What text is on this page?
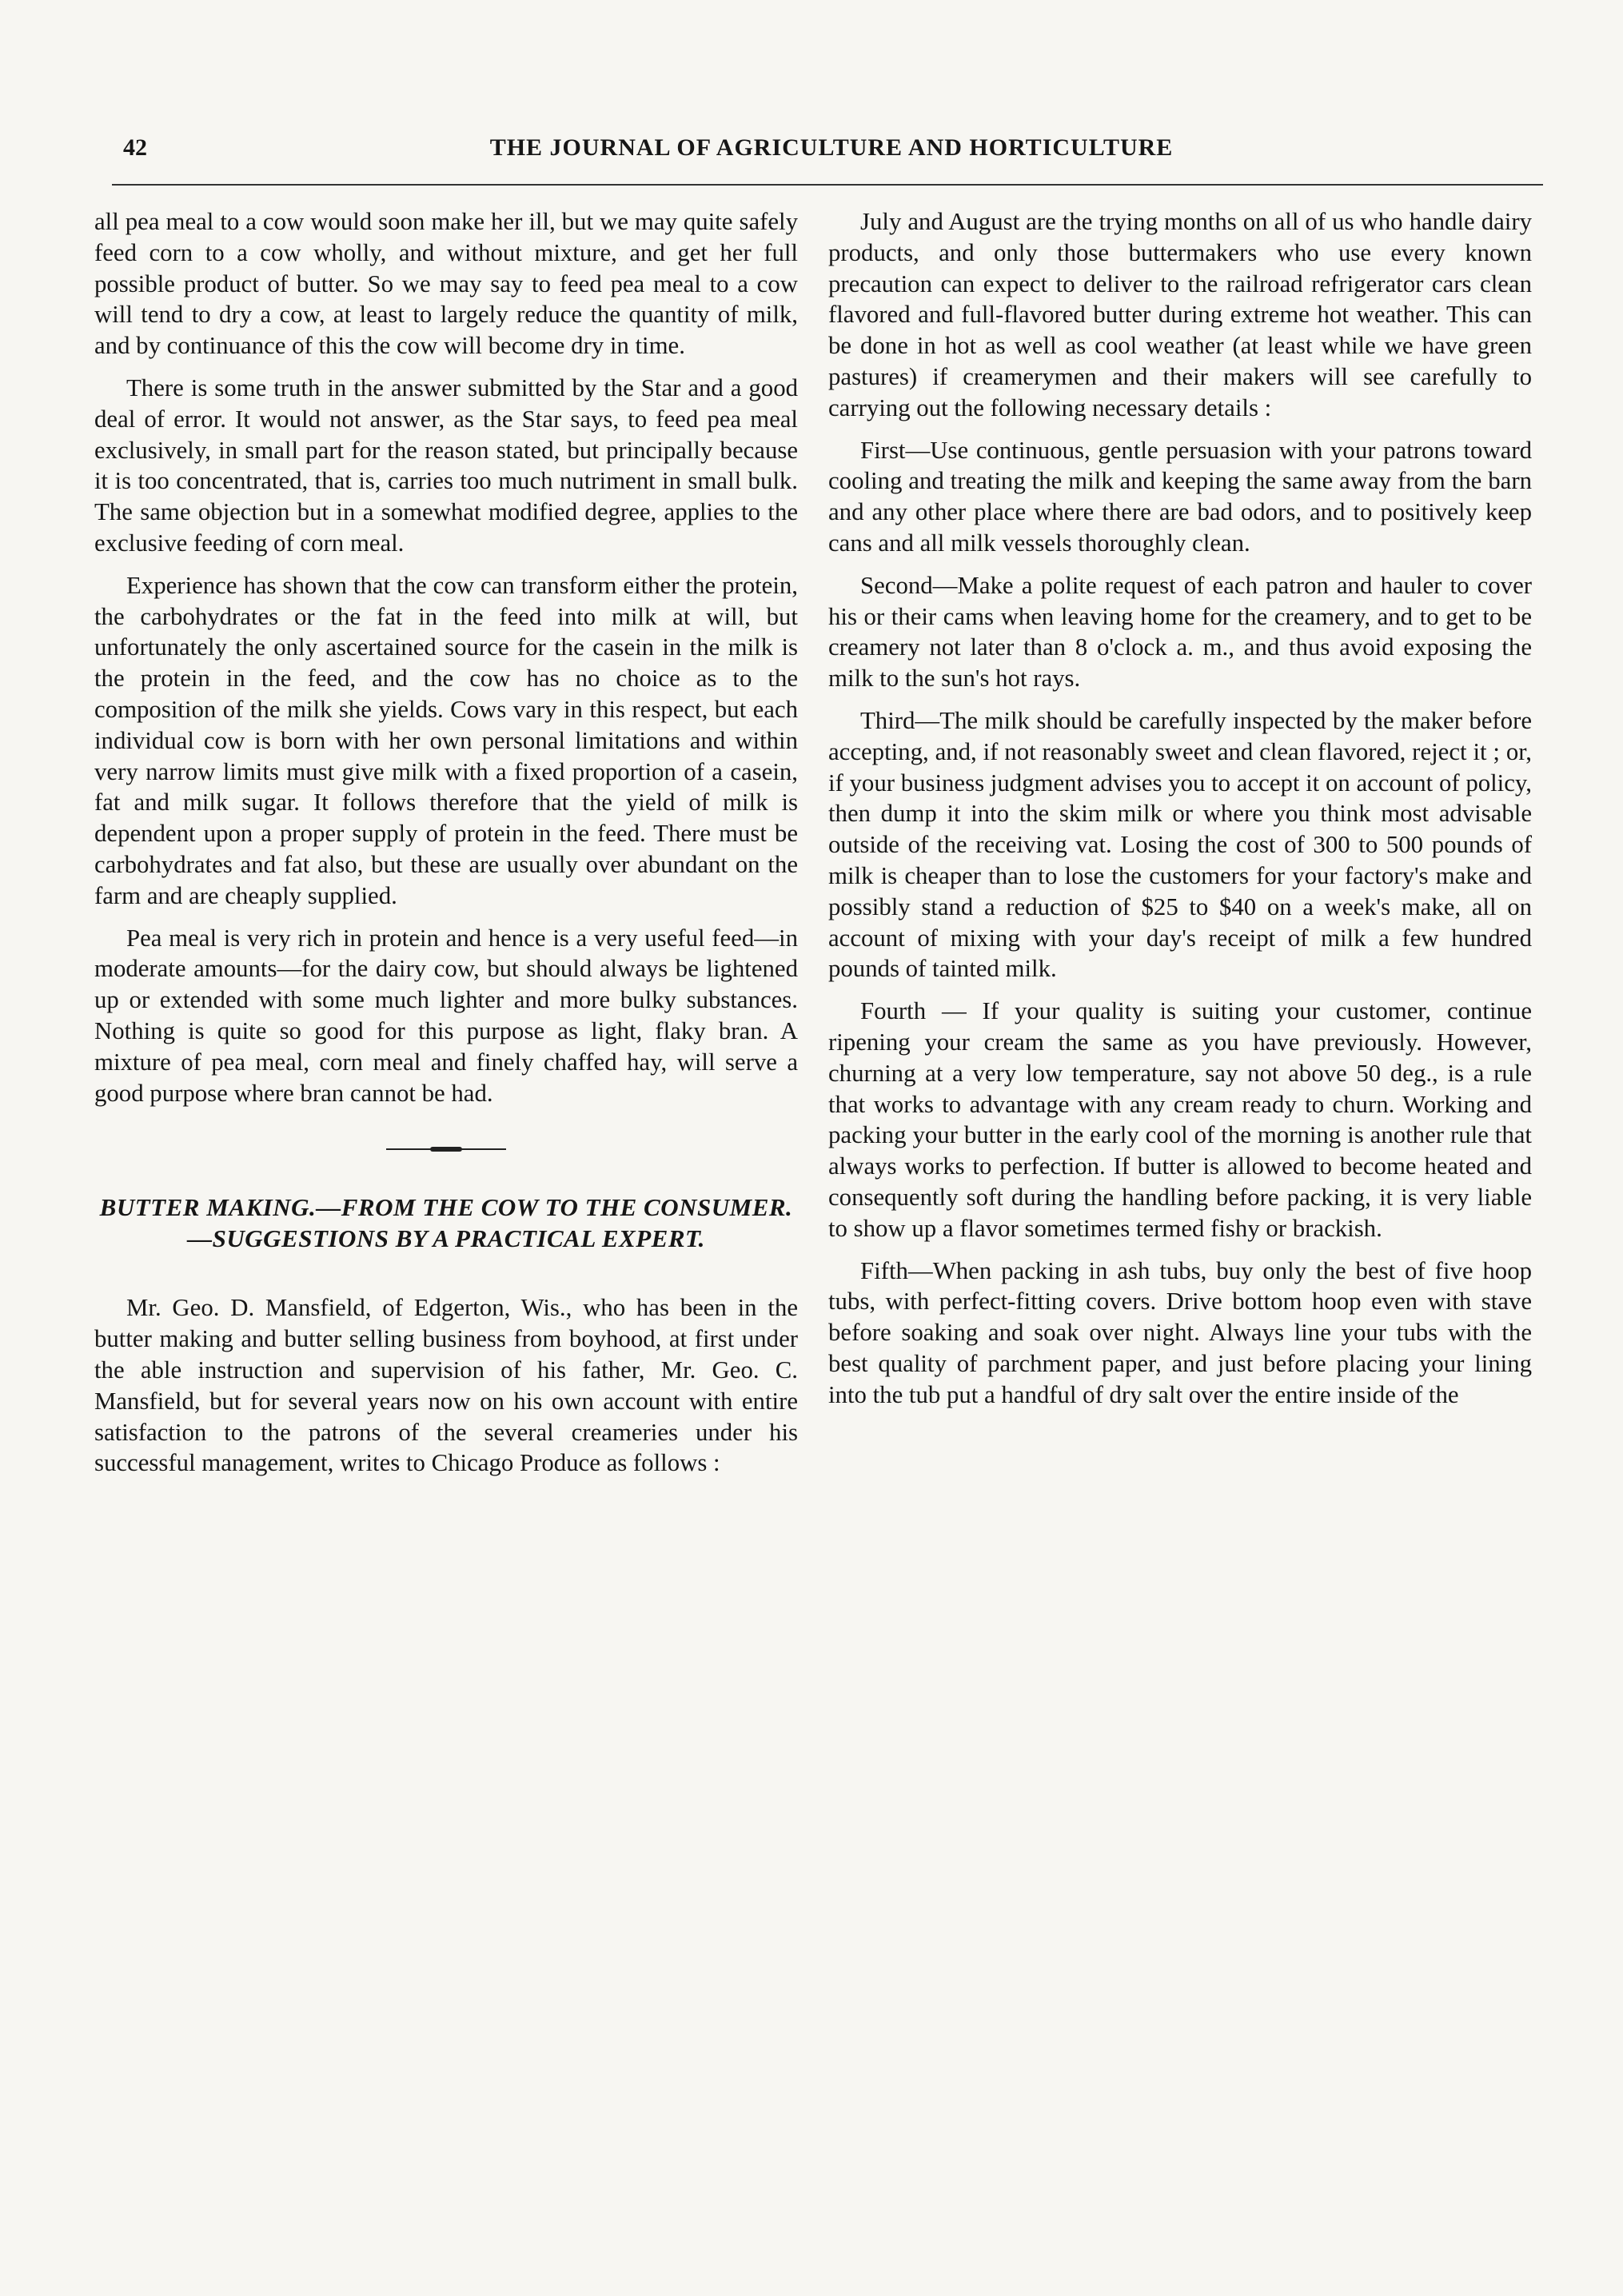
42	THE JOURNAL OF AGRICULTURE AND HORTICULTURE

all pea meal to a cow would soon make her ill, but we may quite safely feed corn to a cow wholly, and without mixture, and get her full possible product of butter. So we may say to feed pea meal to a cow will tend to dry a cow, at least to largely reduce the quantity of milk, and by continuance of this the cow will become dry in time.

There is some truth in the answer submitted by the Star and a good deal of error. It would not answer, as the Star says, to feed pea meal exclusively, in small part for the reason stated, but principally because it is too concentrated, that is, carries too much nutriment in small bulk. The same objection but in a somewhat modified degree, applies to the exclusive feeding of corn meal.

Experience has shown that the cow can transform either the protein, the carbohydrates or the fat in the feed into milk at will, but unfortunately the only ascertained source for the casein in the milk is the protein in the feed, and the cow has no choice as to the composition of the milk she yields. Cows vary in this respect, but each individual cow is born with her own personal limitations and within very narrow limits must give milk with a fixed proportion of a casein, fat and milk sugar. It follows therefore that the yield of milk is dependent upon a proper supply of protein in the feed. There must be carbohydrates and fat also, but these are usually over abundant on the farm and are cheaply supplied.

Pea meal is very rich in protein and hence is a very useful feed—in moderate amounts—for the dairy cow, but should always be lightened up or extended with some much lighter and more bulky substances. Nothing is quite so good for this purpose as light, flaky bran. A mixture of pea meal, corn meal and finely chaffed hay, will serve a good purpose where bran cannot be had.

BUTTER MAKING.—FROM THE COW TO THE CONSUMER.—SUGGESTIONS BY A PRACTICAL EXPERT.

Mr. Geo. D. Mansfield, of Edgerton, Wis., who has been in the butter making and butter selling business from boyhood, at first under the able instruction and supervision of his father, Mr. Geo. C. Mansfield, but for several years now on his own account with entire satisfaction to the patrons of the several creameries under his successful management, writes to Chicago Produce as follows :

July and August are the trying months on all of us who handle dairy products, and only those buttermakers who use every known precaution can expect to deliver to the railroad refrigerator cars clean flavored and full-flavored butter during extreme hot weather. This can be done in hot as well as cool weather (at least while we have green pastures) if creamerymen and their makers will see carefully to carrying out the following necessary details :

First—Use continuous, gentle persuasion with your patrons toward cooling and treating the milk and keeping the same away from the barn and any other place where there are bad odors, and to positively keep cans and all milk vessels thoroughly clean.

Second—Make a polite request of each patron and hauler to cover his or their cams when leaving home for the creamery, and to get to be creamery not later than 8 o'clock a. m., and thus avoid exposing the milk to the sun's hot rays.

Third—The milk should be carefully inspected by the maker before accepting, and, if not reasonably sweet and clean flavored, reject it ; or, if your business judgment advises you to accept it on account of policy, then dump it into the skim milk or where you think most advisable outside of the receiving vat. Losing the cost of 300 to 500 pounds of milk is cheaper than to lose the customers for your factory's make and possibly stand a reduction of $25 to $40 on a week's make, all on account of mixing with your day's receipt of milk a few hundred pounds of tainted milk.

Fourth — If your quality is suiting your customer, continue ripening your cream the same as you have previously. However, churning at a very low temperature, say not above 50 deg., is a rule that works to advantage with any cream ready to churn. Working and packing your butter in the early cool of the morning is another rule that always works to perfection. If butter is allowed to become heated and consequently soft during the handling before packing, it is very liable to show up a flavor sometimes termed fishy or brackish.

Fifth—When packing in ash tubs, buy only the best of five hoop tubs, with perfect-fitting covers. Drive bottom hoop even with stave before soaking and soak over night. Always line your tubs with the best quality of parchment paper, and just before placing your lining into the tub put a handful of dry salt over the entire inside of the
